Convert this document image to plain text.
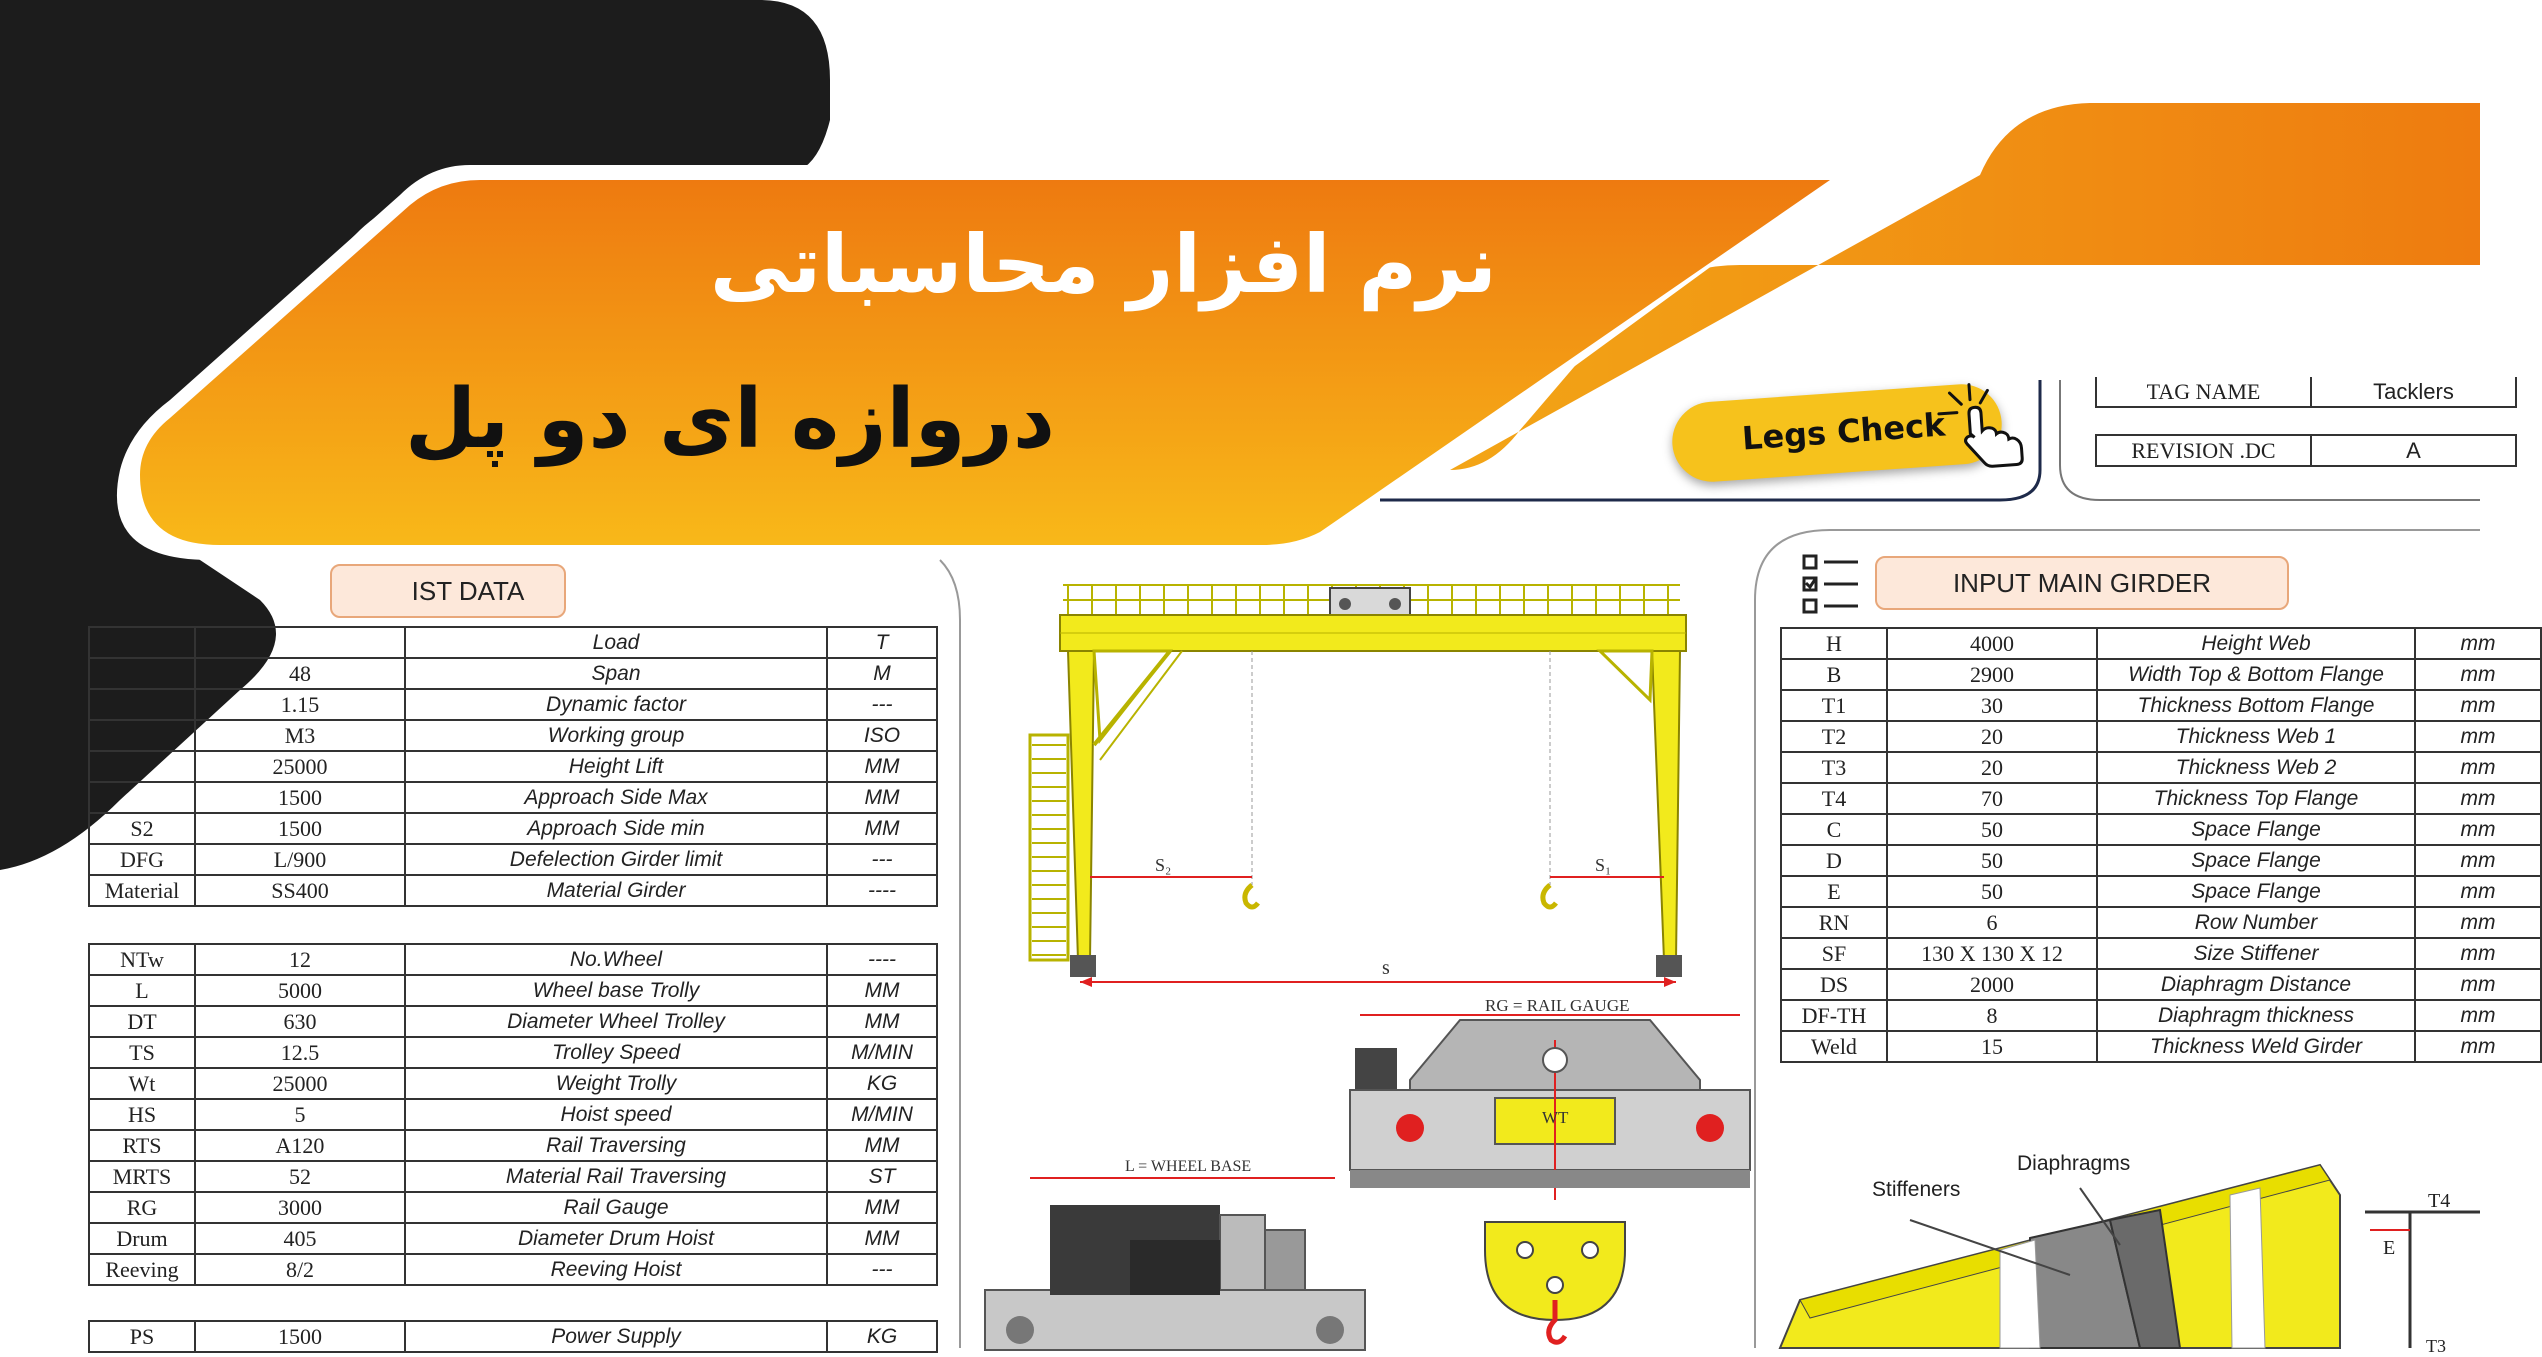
نرم افزار محاسباتی
دروازه ای دو پل	Legs Check
TAG NAME	Tacklers

REVISION .DC	A
IST DATA
		Load	T
	48	Span	M
	1.15	Dynamic factor	---
	M3	Working group	ISO
	25000	Height Lift	MM
	1500	Approach Side Max	MM
S2	1500	Approach Side min	MM
DFG	L/900	Defelection Girder limit	---
Material	SS400	Material Girder	----
NTw	12	No.Wheel	----
L	5000	Wheel base Trolly	MM
DT	630	Diameter Wheel Trolley	MM
TS	12.5	Trolley Speed	M/MIN
Wt	25000	Weight Trolly	KG
HS	5	Hoist speed	M/MIN
RTS	A120	Rail Traversing	MM
MRTS	52	Material Rail Traversing	ST
RG	3000	Rail Gauge	MM
Drum	405	Diameter Drum Hoist	MM
Reeving	8/2	Reeving Hoist	---
PS	1500	Power Supply	KG
INPUT MAIN GIRDER
H	4000	Height Web	mm
B	2900	Width Top & Bottom Flange	mm
T1	30	Thickness Bottom Flange	mm
T2	20	Thickness Web 1	mm
T3	20	Thickness Web 2	mm
T4	70	Thickness Top Flange	mm
C	50	Space Flange	mm
D	50	Space Flange	mm
E	50	Space Flange	mm
RN	6	Row Number	mm
SF	130 X 130 X 12	Size Stiffener	mm
DS	2000	Diaphragm Distance	mm
DF-TH	8	Diaphragm thickness	mm
Weld	15	Thickness Weld Girder	mm
S₂	S₁
s
RG = RAIL GAUGE
WT
L = WHEEL BASE
Stiffeners
Diaphragms
T4
E
T3
